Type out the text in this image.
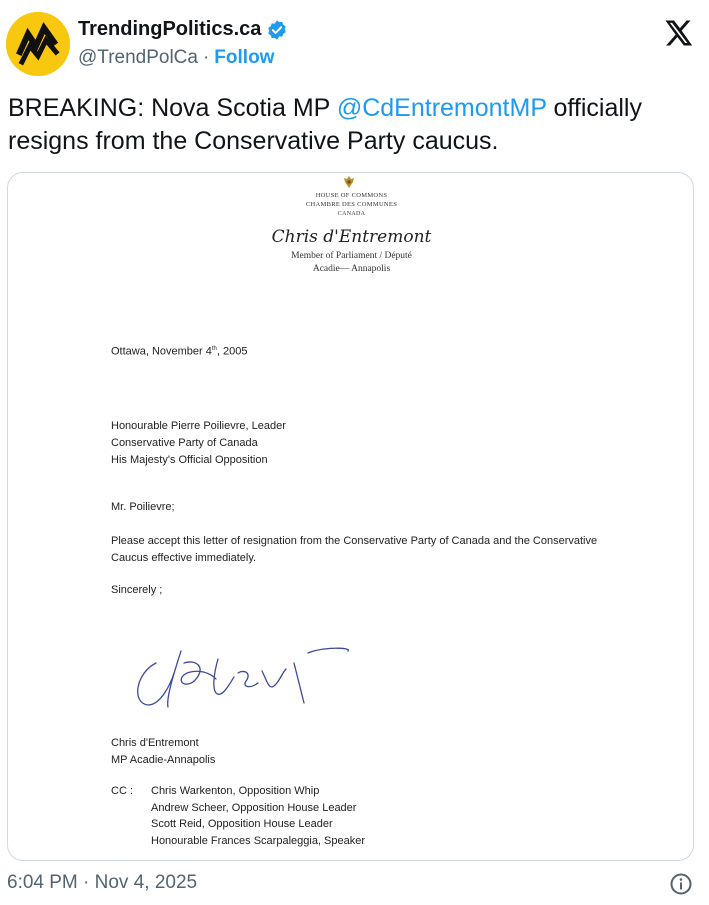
TrendingPolitics.ca
@TrendPolCa · Follow
BREAKING: Nova Scotia MP @CdEntremontMP officially resigns from the Conservative Party caucus.
HOUSE OF COMMONS
CHAMBRE DES COMMUNES
CANADA
Chris d'Entremont
Member of Parliament / Député
Acadie— Annapolis
Ottawa, November 4th, 2005
Honourable Pierre Poilievre, Leader
Conservative Party of Canada
His Majesty's Official Opposition
Mr. Poilievre;
Please accept this letter of resignation from the Conservative Party of Canada and the Conservative Caucus effective immediately.
Sincerely ;
Chris d'Entremont
MP Acadie-Annapolis
CC : Chris Warkenton, Opposition Whip
Andrew Scheer, Opposition House Leader
Scott Reid, Opposition House Leader
Honourable Frances Scarpaleggia, Speaker
6:04 PM · Nov 4, 2025
